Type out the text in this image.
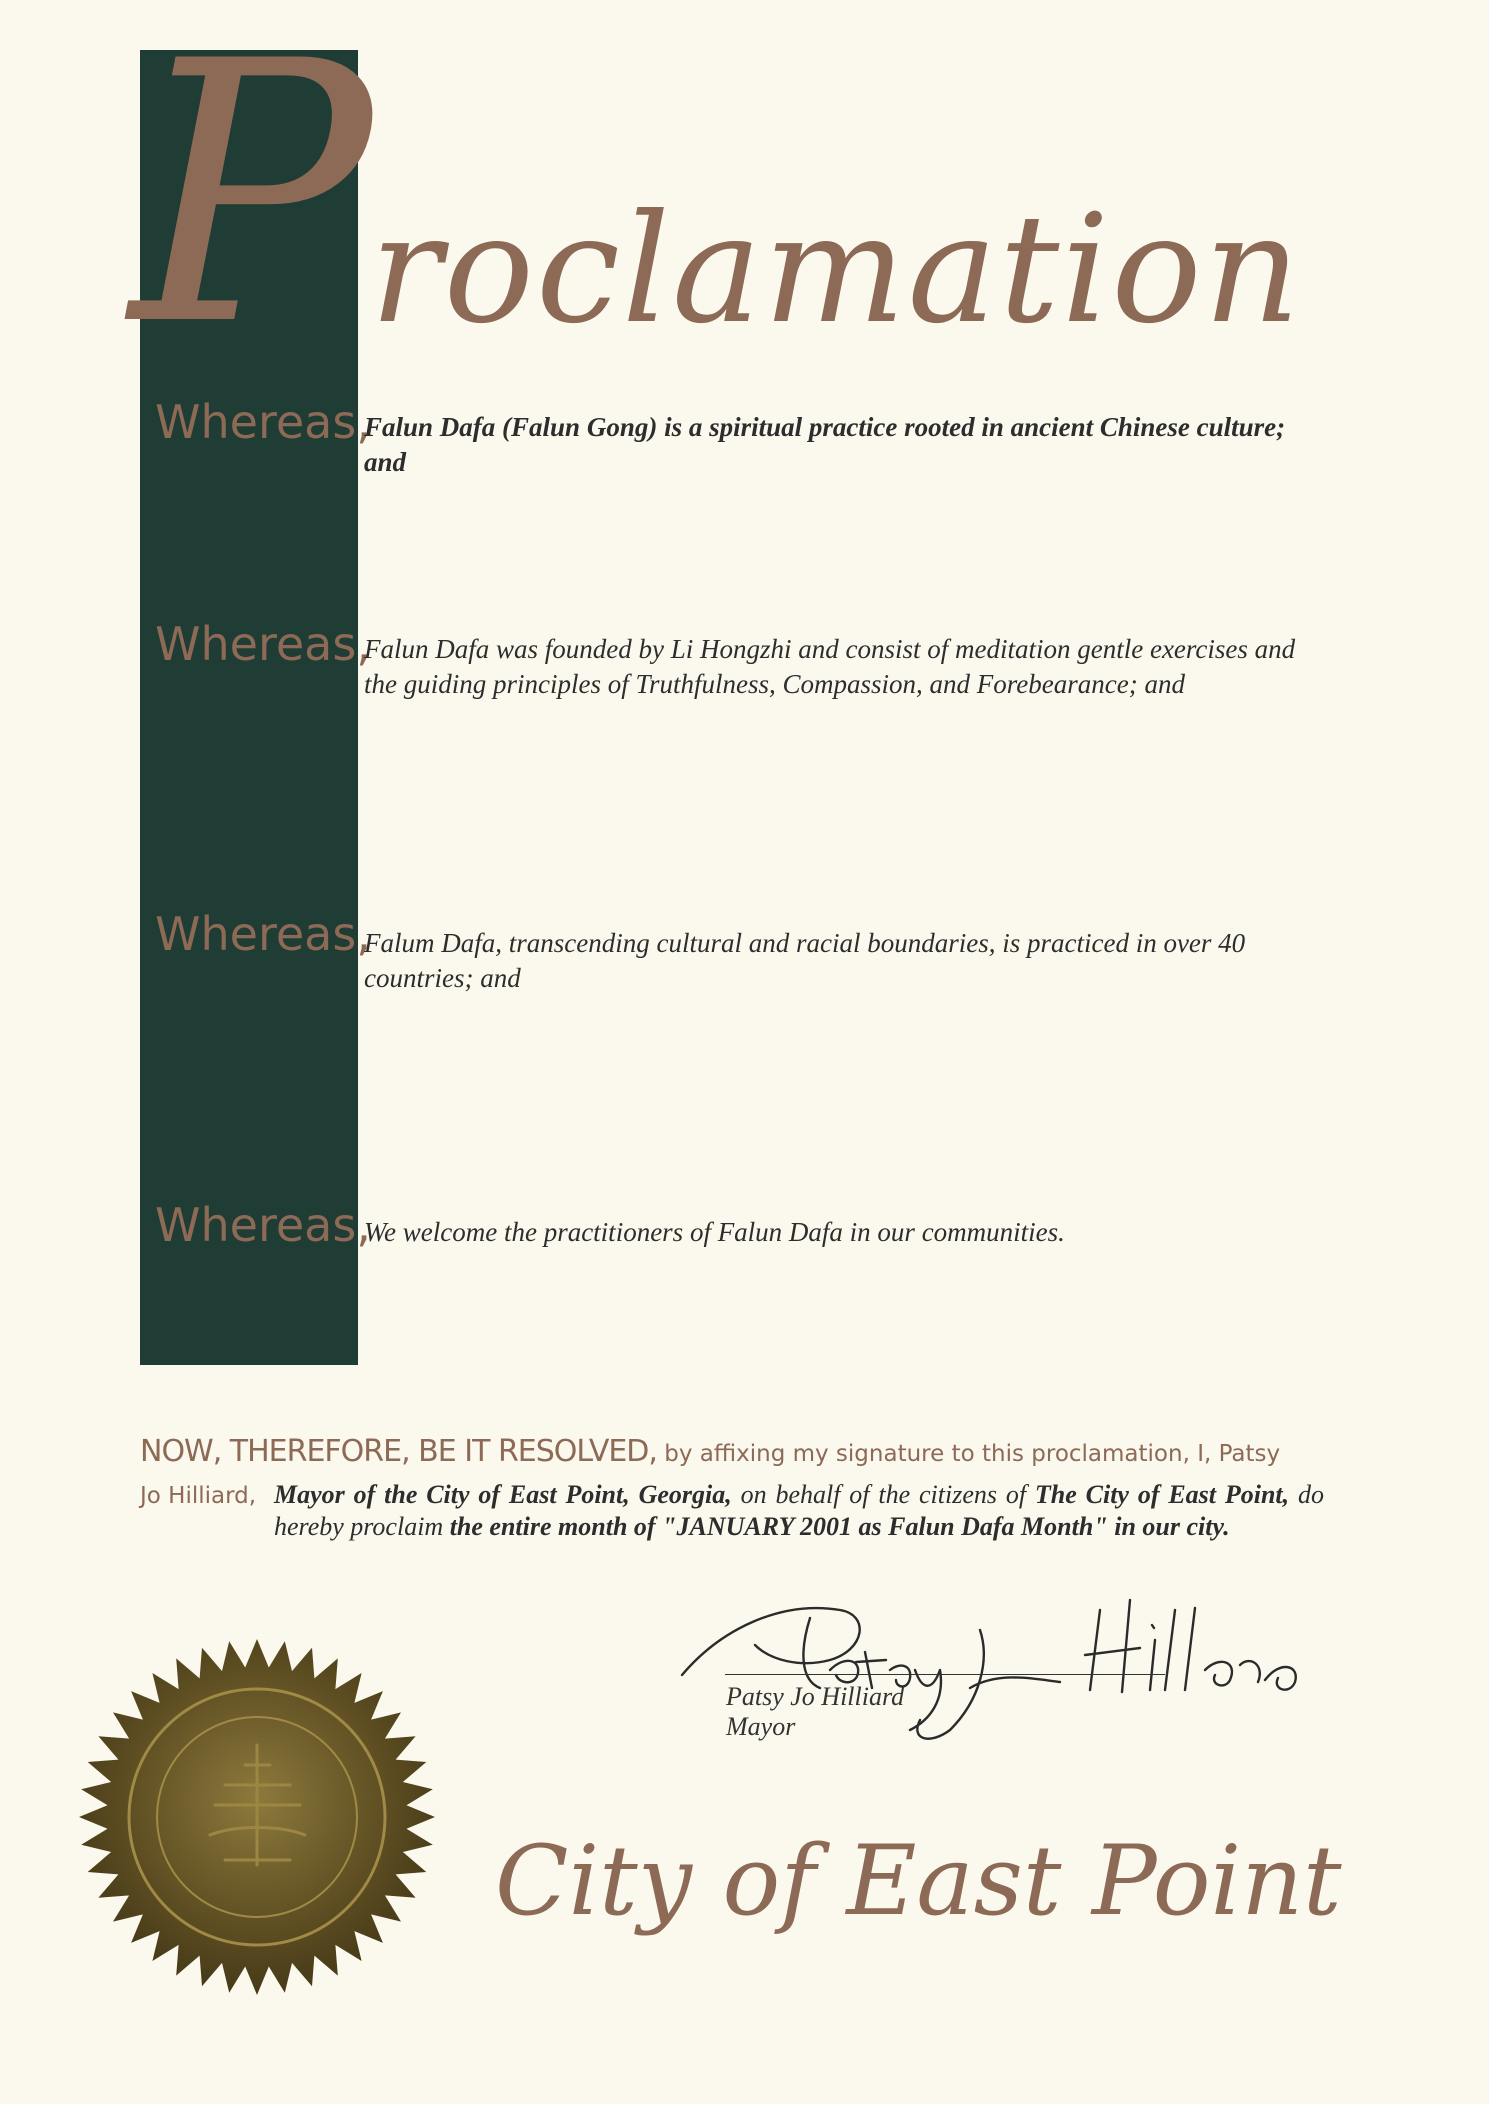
P
roclamation
Whereas,
Falun Dafa (Falun Gong) is a spiritual practice rooted in ancient Chinese culture; and
Whereas,
Falun Dafa was founded by Li Hongzhi and consist of meditation gentle exercises and the guiding principles of Truthfulness, Compassion, and Forebearance; and
Whereas,
Falum Dafa, transcending cultural and racial boundaries, is practiced in over 40 countries; and
Whereas,
We welcome the practitioners of Falun Dafa in our communities.
NOW, THEREFORE, BE IT RESOLVED, by affixing my signature to this proclamation, I, Patsy
Jo Hilliard, Mayor of the City of East Point, Georgia, on behalf of the citizens of The City of East Point, do hereby proclaim the entire month of "JANUARY 2001 as Falun Dafa Month" in our city.
Patsy Jo Hilliard
Mayor
City of East Point
